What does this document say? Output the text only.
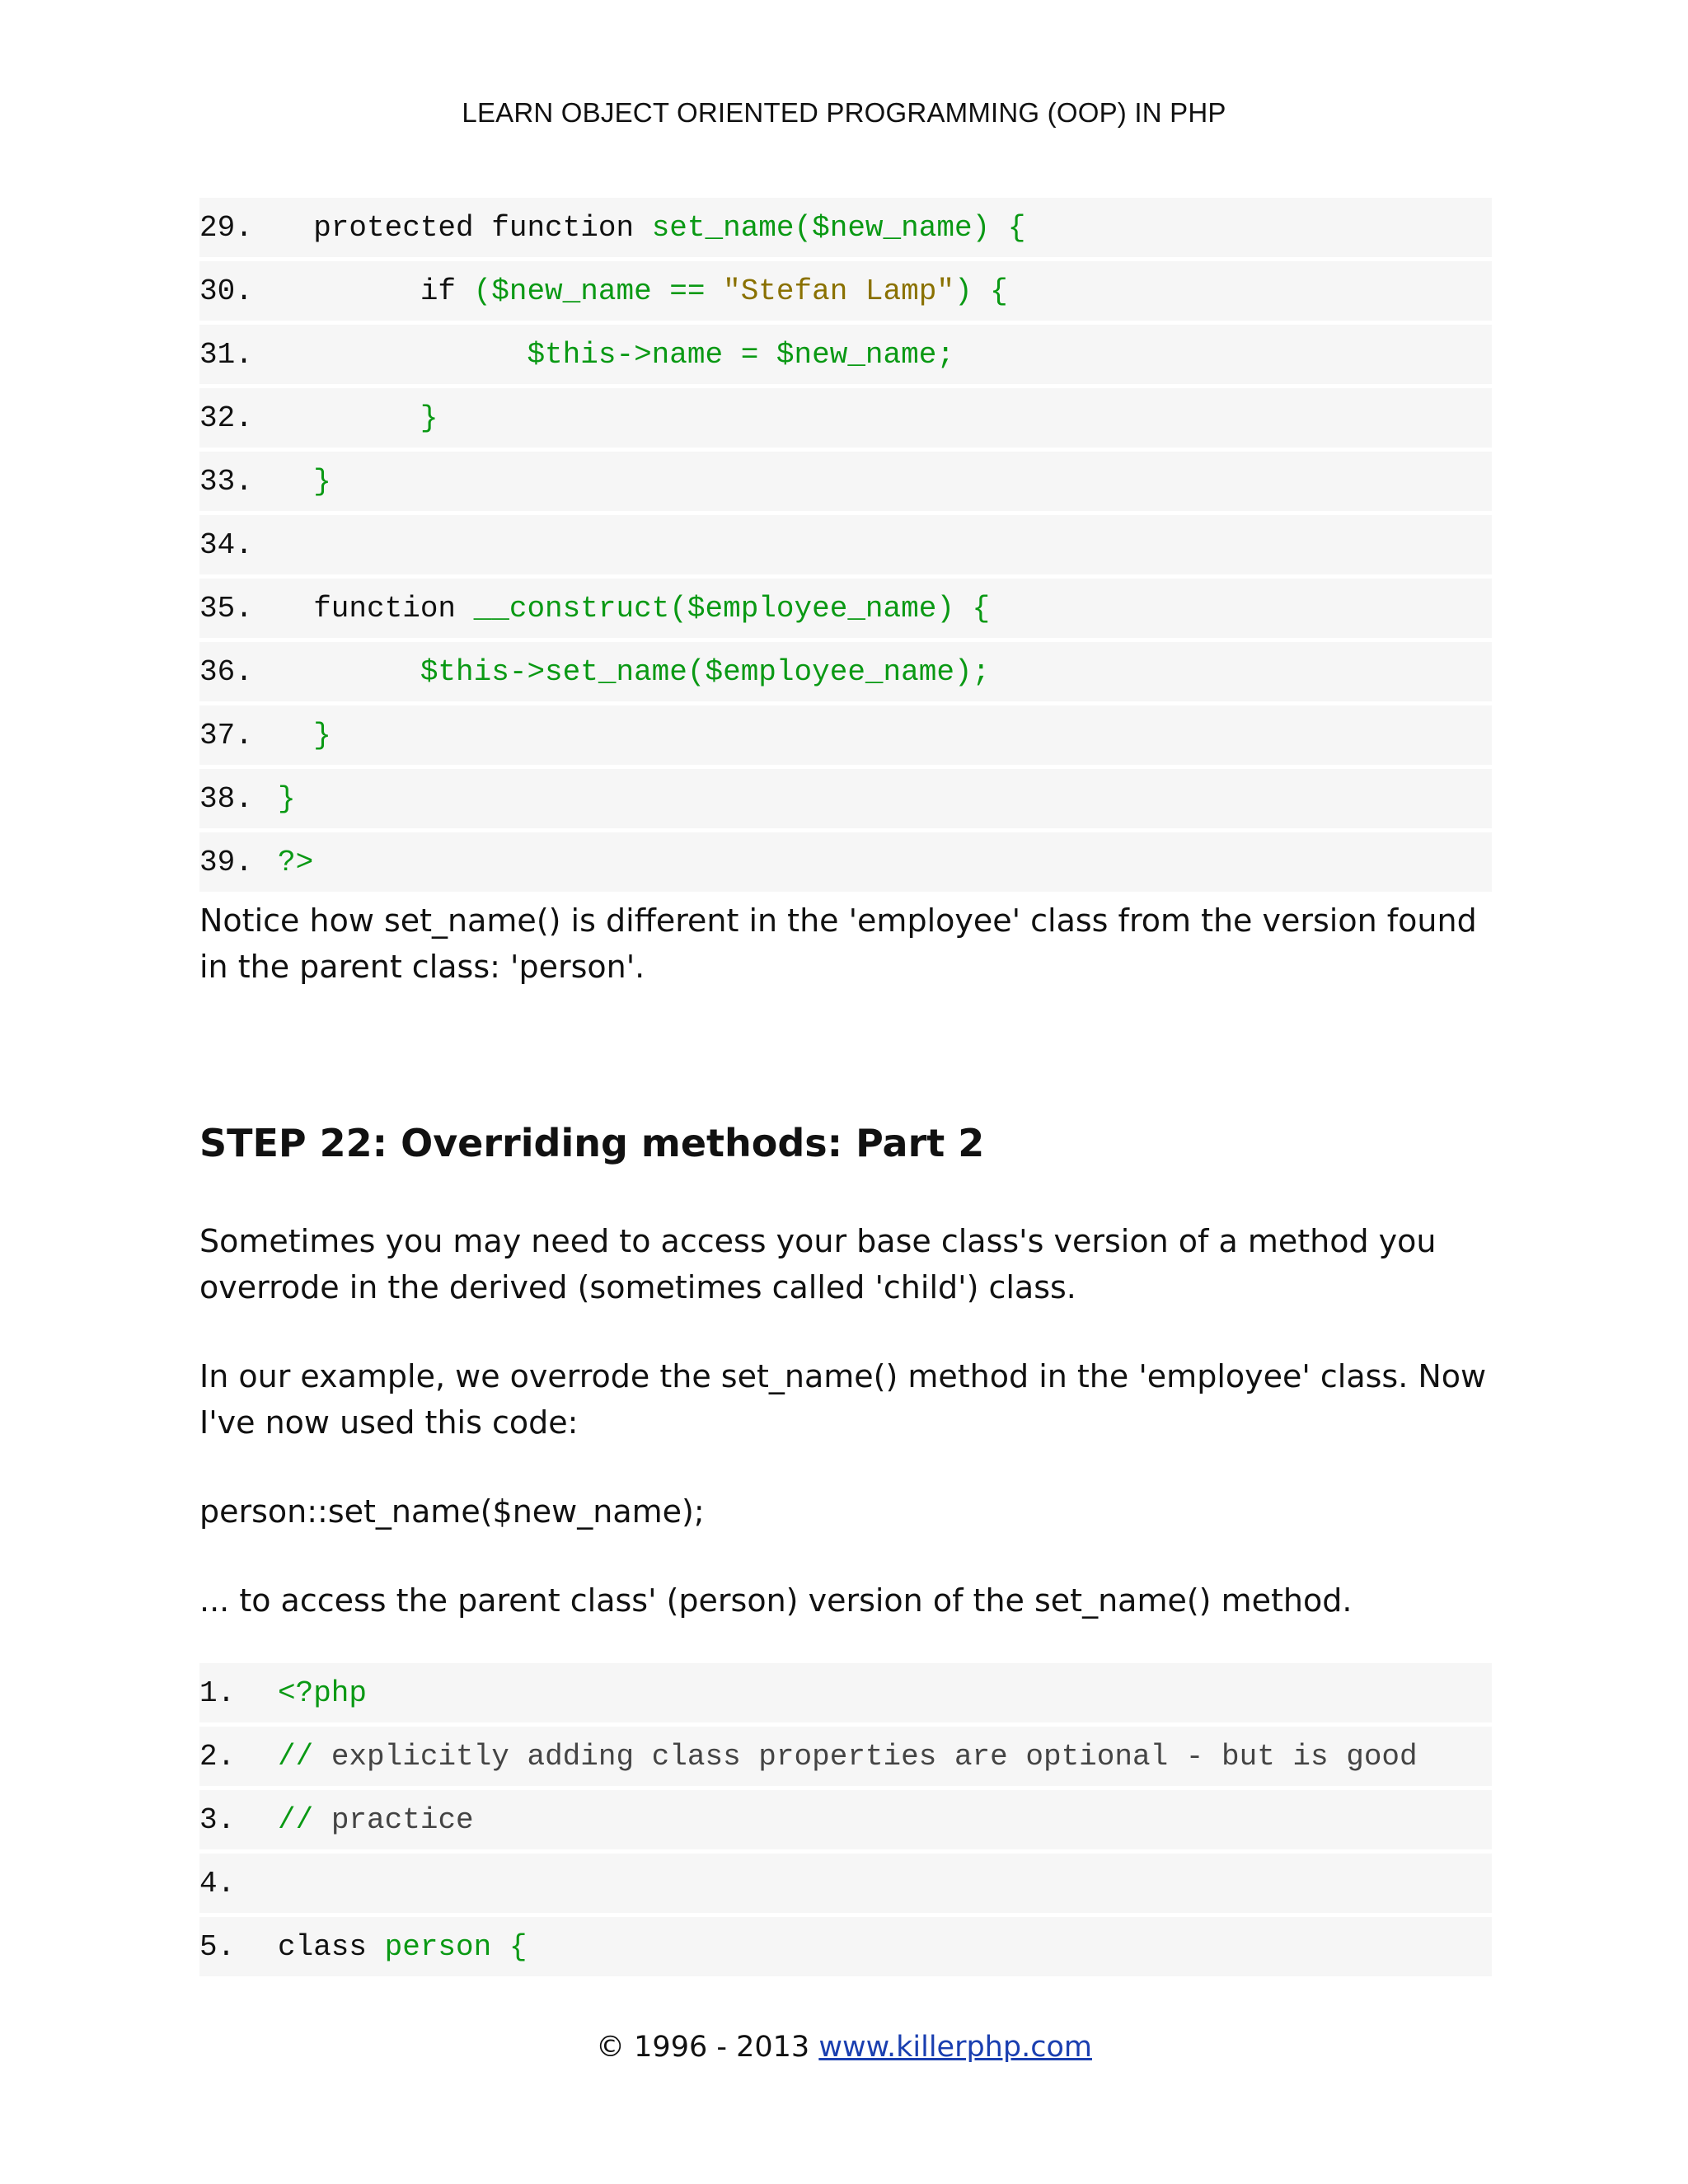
LEARN OBJECT ORIENTED PROGRAMMING (OOP) IN PHP
29. protected function set_name($new_name) {
30. if ($new_name == "Stefan Lamp") {
31. $this->name = $new_name;
32. }
33. }
34.
35. function __construct($employee_name) {
36. $this->set_name($employee_name);
37. }
38. }
39. ?>

Notice how set_name() is different in the 'employee' class from the version found in the parent class: 'person'.

STEP 22: Overriding methods: Part 2

Sometimes you may need to access your base class's version of a method you overrode in the derived (sometimes called 'child') class.

In our example, we overrode the set_name() method in the 'employee' class. Now I've now used this code:

person::set_name($new_name);

... to access the parent class' (person) version of the set_name() method.

1.	<?php
2.	// explicitly adding class properties are optional - but is good
3.	// practice
4.
5.	class person {
© 1996 - 2013 www.killerphp.com
